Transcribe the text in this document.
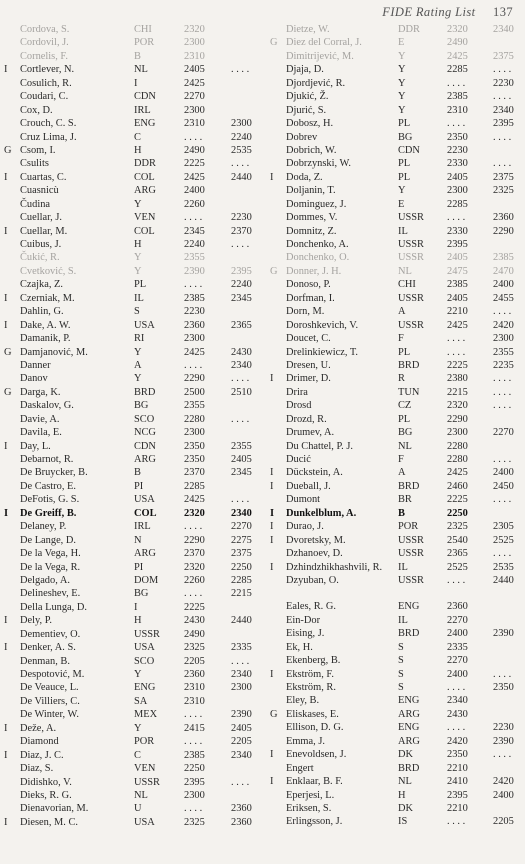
FIDE Rating List 137
Cordova, S.	CHI	2320
Cordovil, J.	POR	2300
Cornelis, F.	B	2310
I Cortlever, N.	NL	2405	. . . .
Cosulich, R.	I	2425
Coudari, C.	CDN	2270
Cox, D.	IRL	2300
Crouch, C. S.	ENG	2310	2300
Cruz Lima, J.	C	. . . .	2240
G Csom, I.	H	2490	2535
Csulits	DDR	2225	. . . .
I Cuartas, C.	COL	2425	2440
Cuasnicù	ARG	2400
Čudina	Y	2260
Cuellar, J.	VEN	. . . .	2230
I Cuellar, M.	COL	2345	2370
Cuibus, J.	H	2240	. . . .
Čukić, R.	Y	2355
Cvetković, S.	Y	2390	2395
Czajka, Z.	PL	. . . .	2240
I Czerniak, M.	IL	2385	2345
Dahlin, G.	S	2230
I Dake, A. W.	USA	2360	2365
Damanik, P.	RI	2300
G Damjanović, M.	Y	2425	2430
Danner	A	. . . .	2340
Danov	Y	2290	. . . .
G Darga, K.	BRD	2500	2510
Daskalov, G.	BG	2355
Davie, A.	SCO	2280	. . . .
Davila, E.	NCG	2300
I Day, L.	CDN	2350	2355
Debarnot, R.	ARG	2350	2405
De Bruycker, B.	B	2370	2345
De Castro, E.	PI	2285
DeFotis, G. S.	USA	2425	. . . .
I De Greiff, B.	COL	2320	2340
Delaney, P.	IRL	. . . .	2270
De Lange, D.	N	2290	2275
De la Vega, H.	ARG	2370	2375
De la Vega, R.	PI	2320	2250
Delgado, A.	DOM 2260	2285
Delineshev, E.	BG	. . . .	2215
Della Lunga, D.	I	2225
I Dely, P.	H	2430	2440
Dementiev, O.	USSR 2490
I Denker, A. S.	USA	2325	2335
Denman, B.	SCO	2205	. . . .
Despotović, M.	Y	2360	2340
De Veauce, L.	ENG	2310	2300
De Villiers, C.	SA	2310
De Winter, W.	MEX	. . . .	2390
I Deže, A.	Y	2415	2405
Diamond	POR	. . . .	2205
I Diaz, J. C.	C	2385	2340
Diaz, S.	VEN	2250
Didishko, V.	USSR 2395	. . . .
Dieks, R. G.	NL	2300
Dienavorian, M.	U	. . . .	2360
I Diesen, M. C.	USA	2325	2360
Dietze, W.	DDR	2320 2340
G Diez del Corral, J.	E	2490
Dimitrijević, M.	Y	2425 2375
Djaja, D.	Y	2285 . . . .
Djordjević, R.	Y	. . . .	2230
Djukić, Ž.	Y	2385 . . . .
Djurić, S.	Y	2310 2340
Dobosz, H.	PL	. . . .	2395
Dobrev	BG	2350 . . . .
Dobrich, W.	CDN	2230
Dobrzynski, W.	PL	2330 . . . .
I Doda, Z.	PL	2405 2375
Doljanin, T.	Y	2300 2325
Dominguez, J.	E	2285
Dommes, V.	USSR . . . .	2360
Domnitz, Z.	IL	2330 2290
Donchenko, A.	USSR 2395
Donchenko, O.	USSR 2405 2385
G Donner, J. H.	NL	2475 2470
Donoso, P.	CHI	2385 2400
Dorfman, I.	USSR 2405 2455
Dorn, M.	A	2210 . . . .
Doroshkevich, V.	USSR 2425 2420
Doucet, C.	F	. . . .	2300
Drelinkiewicz, T.	PL	. . . .	2355
Dresen, U.	BRD	2225 2235
I Drimer, D.	R	2380 . . . .
Drira	TUN	2215 . . . .
Drosd	CZ	2320 . . . .
Drozd, R.	PL	2290
Drumev, A.	BG	2300 2270
Du Chattel, P. J.	NL	2280
Ducić	F	2280 . . . .
I Dückstein, A.	A	2425 2400
I Dueball, J.	BRD	2460 2450
Dumont	BR	2225 . . . .
I Dunkelblum, A.	B	2250
I Durao, J.	POR	2325 2305
I Dvoretsky, M.	USSR 2540 2525
Dzhanoev, D.	USSR 2365 . . . .
I Dzhindzhikhashvili, R. IL	2525 2535
Dzyuban, O.	USSR . . . .	2440
Eales, R. G.	ENG	2360
Ein-Dor	IL	2270
Eising, J.	BRD	2400 2390
Ek, H.	S	2335
Ekenberg, B.	S	2270
I Ekström, F.	S	2400 . . . .
Ekström, R.	S	. . . .	2350
Eley, B.	ENG	2340
G Eliskases, E.	ARG	2430
Ellison, D. G.	ENG	. . . .	2230
Emma, J.	ARG	2420 2390
I Enevoldsen, J.	DK	2350 . . . .
Engert	BRD	2210
I Enklaar, B. F.	NL	2410 2420
Eperjesi, L.	H	2395 2400
Eriksen, S.	DK	2210
Erlingsson, J.	IS	. . . .	2205
